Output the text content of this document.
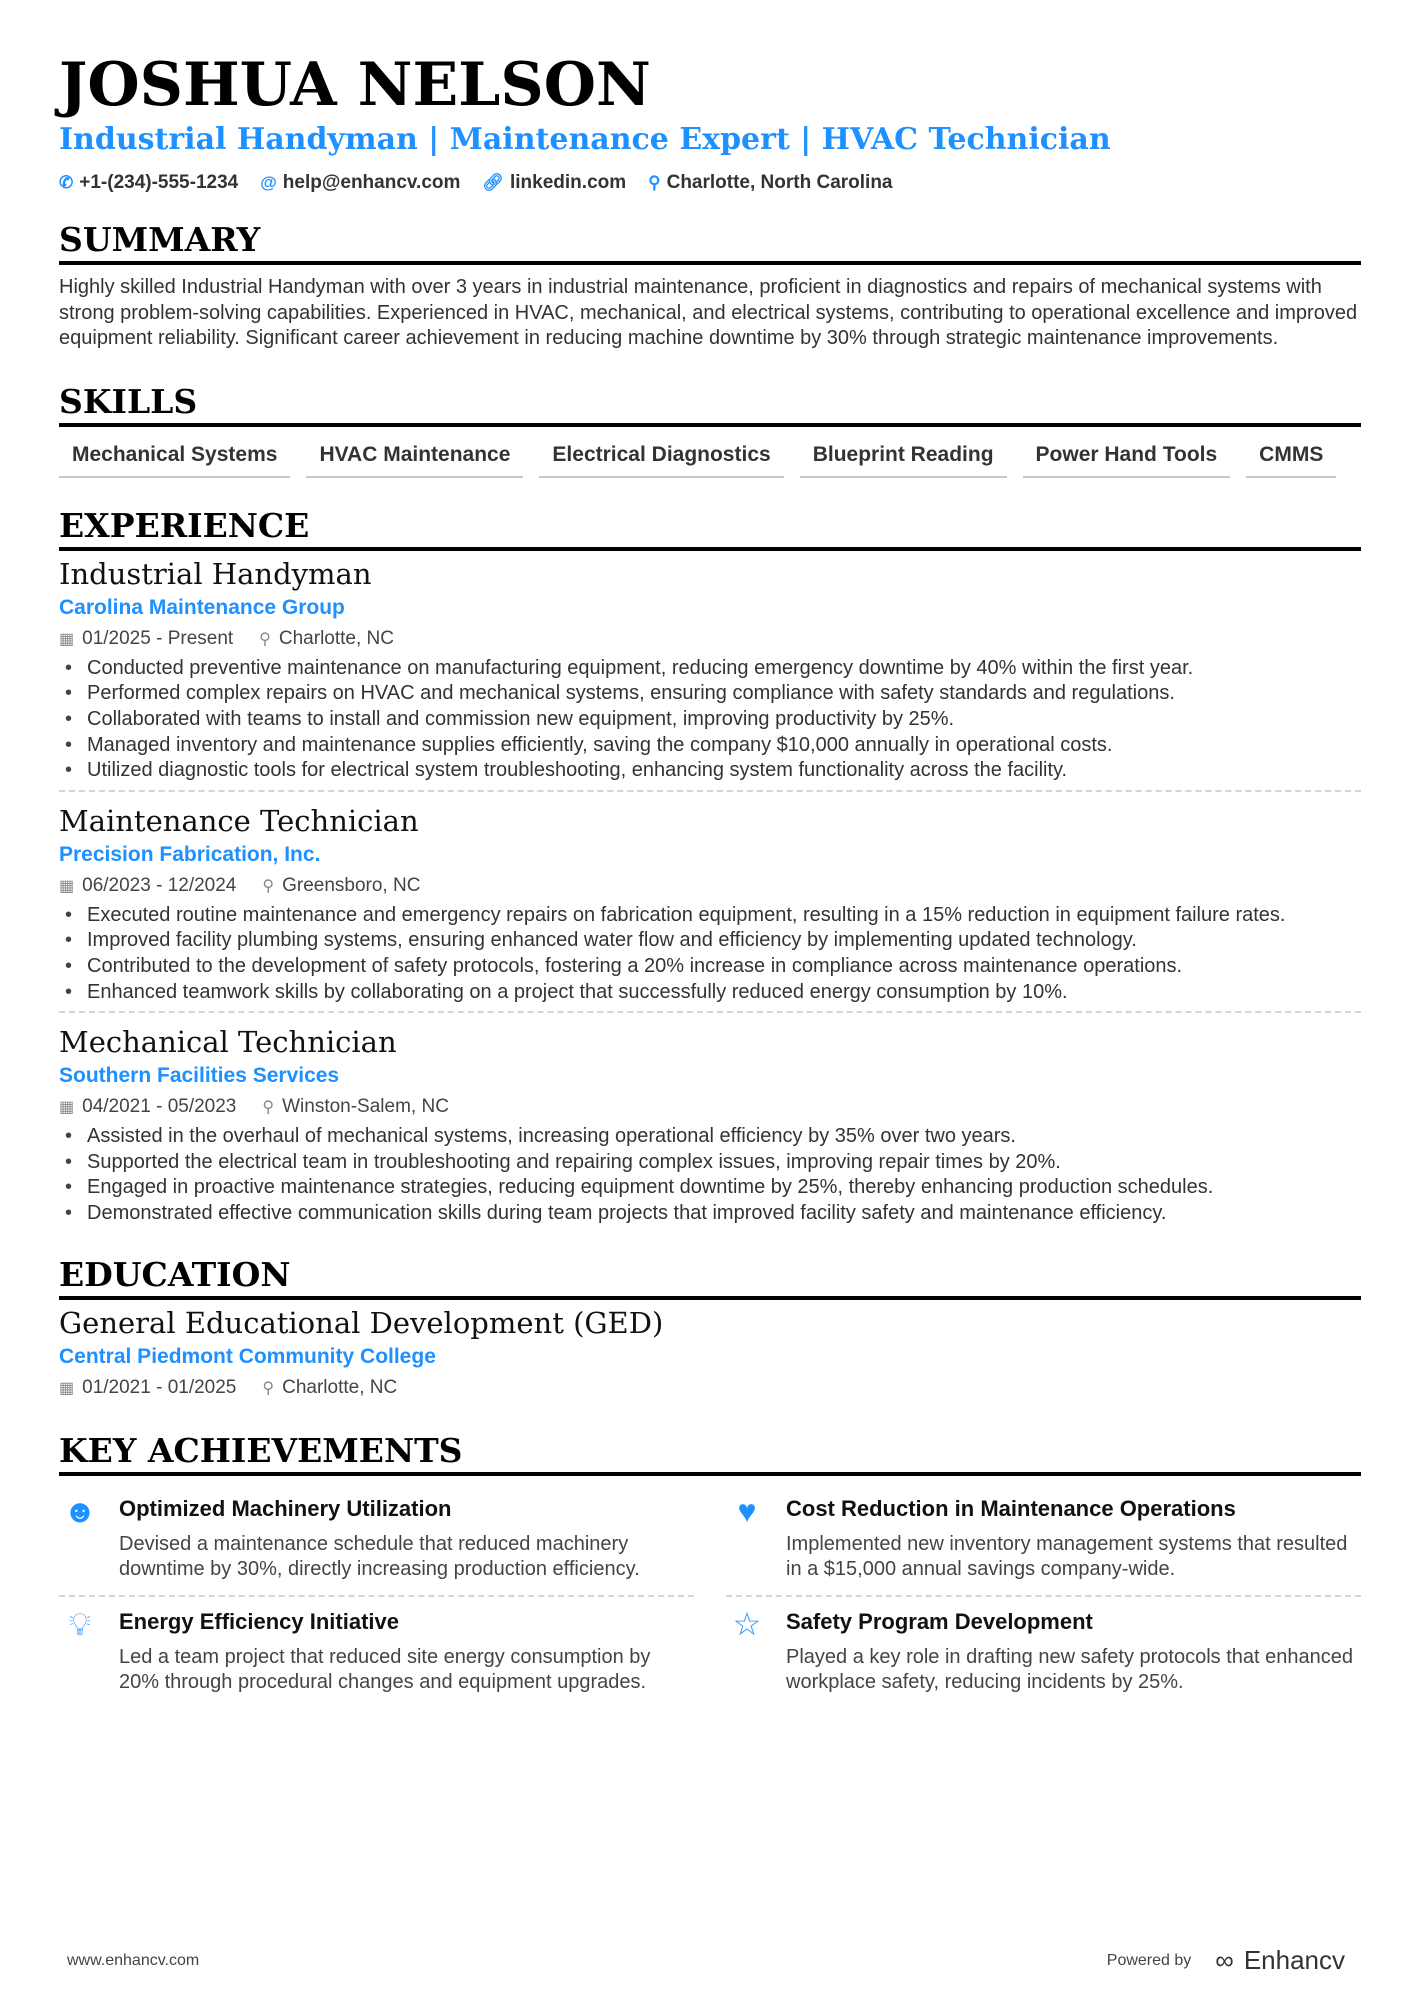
JOSHUA NELSON
Industrial Handyman | Maintenance Expert | HVAC Technician
✆ +1-(234)-555-1234 @ help@enhancv.com 🔗︎ linkedin.com ⚲ Charlotte, North Carolina
SUMMARY
Highly skilled Industrial Handyman with over 3 years in industrial maintenance, proficient in diagnostics and repairs of mechanical systems with strong problem-solving capabilities. Experienced in HVAC, mechanical, and electrical systems, contributing to operational excellence and improved equipment reliability. Significant career achievement in reducing machine downtime by 30% through strategic maintenance improvements.
SKILLS
Mechanical Systems	HVAC Maintenance	Electrical Diagnostics	Blueprint Reading	Power Hand Tools	CMMS
EXPERIENCE
Industrial Handyman
Carolina Maintenance Group
▦ 01/2025 - Present ⚲ Charlotte, NC
• Conducted preventive maintenance on manufacturing equipment, reducing emergency downtime by 40% within the first year.
• Performed complex repairs on HVAC and mechanical systems, ensuring compliance with safety standards and regulations.
• Collaborated with teams to install and commission new equipment, improving productivity by 25%.
• Managed inventory and maintenance supplies efficiently, saving the company $10,000 annually in operational costs.
• Utilized diagnostic tools for electrical system troubleshooting, enhancing system functionality across the facility.
Maintenance Technician
Precision Fabrication, Inc.
▦ 06/2023 - 12/2024 ⚲ Greensboro, NC
• Executed routine maintenance and emergency repairs on fabrication equipment, resulting in a 15% reduction in equipment failure rates.
• Improved facility plumbing systems, ensuring enhanced water flow and efficiency by implementing updated technology.
• Contributed to the development of safety protocols, fostering a 20% increase in compliance across maintenance operations.
• Enhanced teamwork skills by collaborating on a project that successfully reduced energy consumption by 10%.
Mechanical Technician
Southern Facilities Services
▦ 04/2021 - 05/2023 ⚲ Winston-Salem, NC
• Assisted in the overhaul of mechanical systems, increasing operational efficiency by 35% over two years.
• Supported the electrical team in troubleshooting and repairing complex issues, improving repair times by 20%.
• Engaged in proactive maintenance strategies, reducing equipment downtime by 25%, thereby enhancing production schedules.
• Demonstrated effective communication skills during team projects that improved facility safety and maintenance efficiency.
EDUCATION
General Educational Development (GED)
Central Piedmont Community College
▦ 01/2021 - 01/2025 ⚲ Charlotte, NC
KEY ACHIEVEMENTS
☻ Optimized Machinery Utilization
Devised a maintenance schedule that reduced machinery downtime by 30%, directly increasing production efficiency.
♥	Cost Reduction in Maintenance Operations
Implemented new inventory management systems that resulted in a $15,000 annual savings company-wide.
💡︎	Energy Efficiency Initiative
Led a team project that reduced site energy consumption by 20% through procedural changes and equipment upgrades.
☆	Safety Program Development
Played a key role in drafting new safety protocols that enhanced workplace safety, reducing incidents by 25%.
www.enhancv.com	Powered by ∞ Enhancv
